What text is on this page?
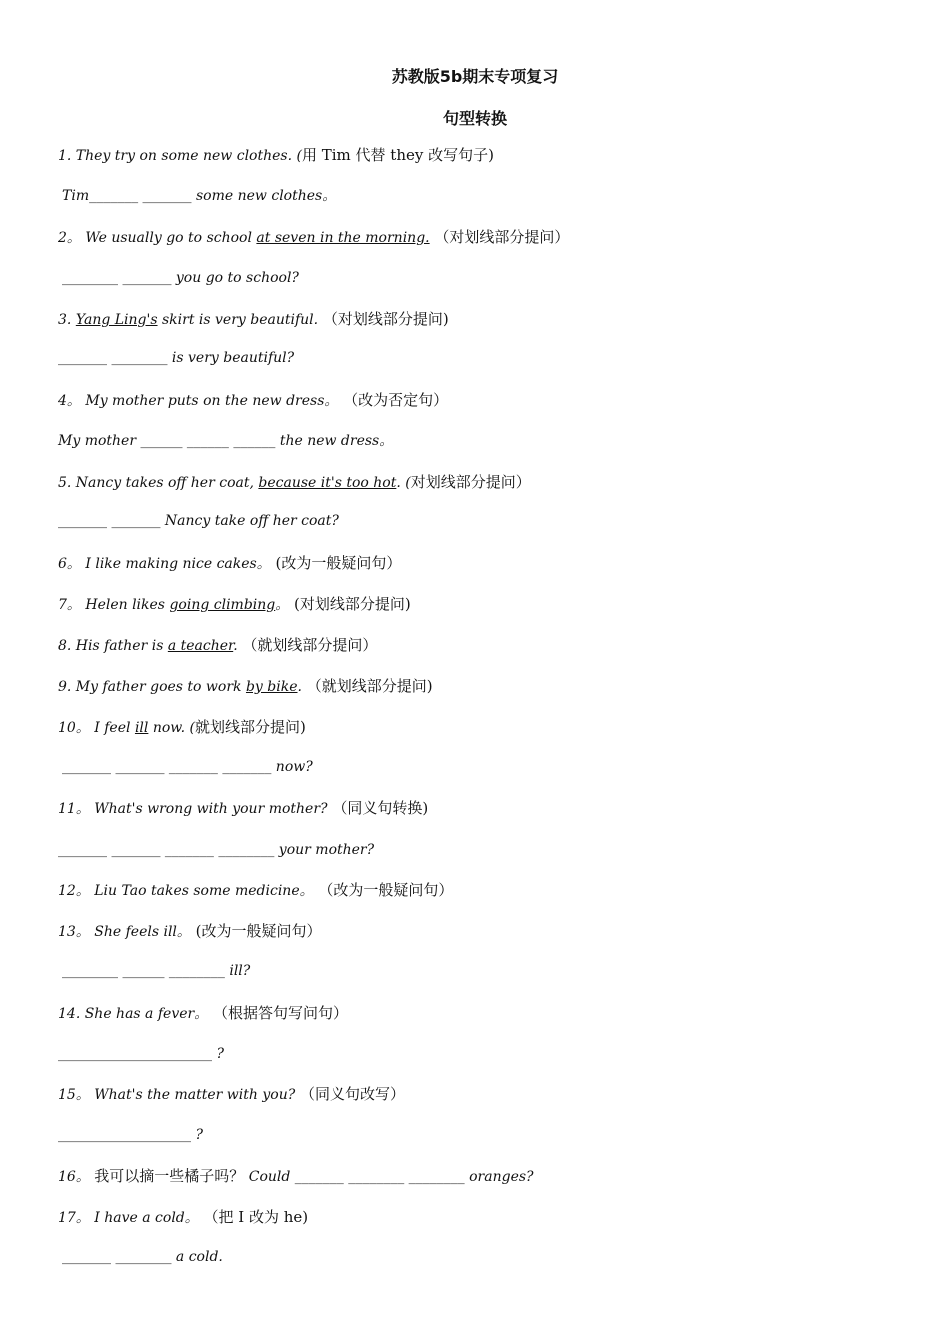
苏教版5b期末专项复习
句型转换
1. They try on some new clothes. (用 Tim 代替 they 改写句子)
Tim_______ _______ some new clothes。
2。 We usually go to school at seven in the morning. （对划线部分提问）
________ _______ you go to school?
3. Yang Ling's skirt is very beautiful. （对划线部分提问)
_______ ________ is very beautiful?
4。 My mother puts on the new dress。 （改为否定句）
My mother ______ ______ ______ the new dress。
5. Nancy takes off her coat, because it's too hot. (对划线部分提问）
_______ _______ Nancy take off her coat?
6。 I like making nice cakes。 (改为一般疑问句）
7。 Helen likes going climbing。 (对划线部分提问)
8. His father is a teacher. （就划线部分提问）
9. My father goes to work by bike. （就划线部分提问)
10。 I feel ill now. (就划线部分提问)
_______ _______ _______ _______ now?
11。 What's wrong with your mother? （同义句转换)
_______ _______ _______ ________ your mother?
12。 Liu Tao takes some medicine。 （改为一般疑问句）
13。 She feels ill。 (改为一般疑问句）
________ ______ ________ ill?
14. She has a fever。 （根据答句写问句）
______________________ ?
15。 What's the matter with you? （同义句改写）
___________________ ?
16。 我可以摘一些橘子吗？ Could _______ ________ ________ oranges?
17。 I have a cold。 （把 I 改为 he)
_______ ________ a cold.
